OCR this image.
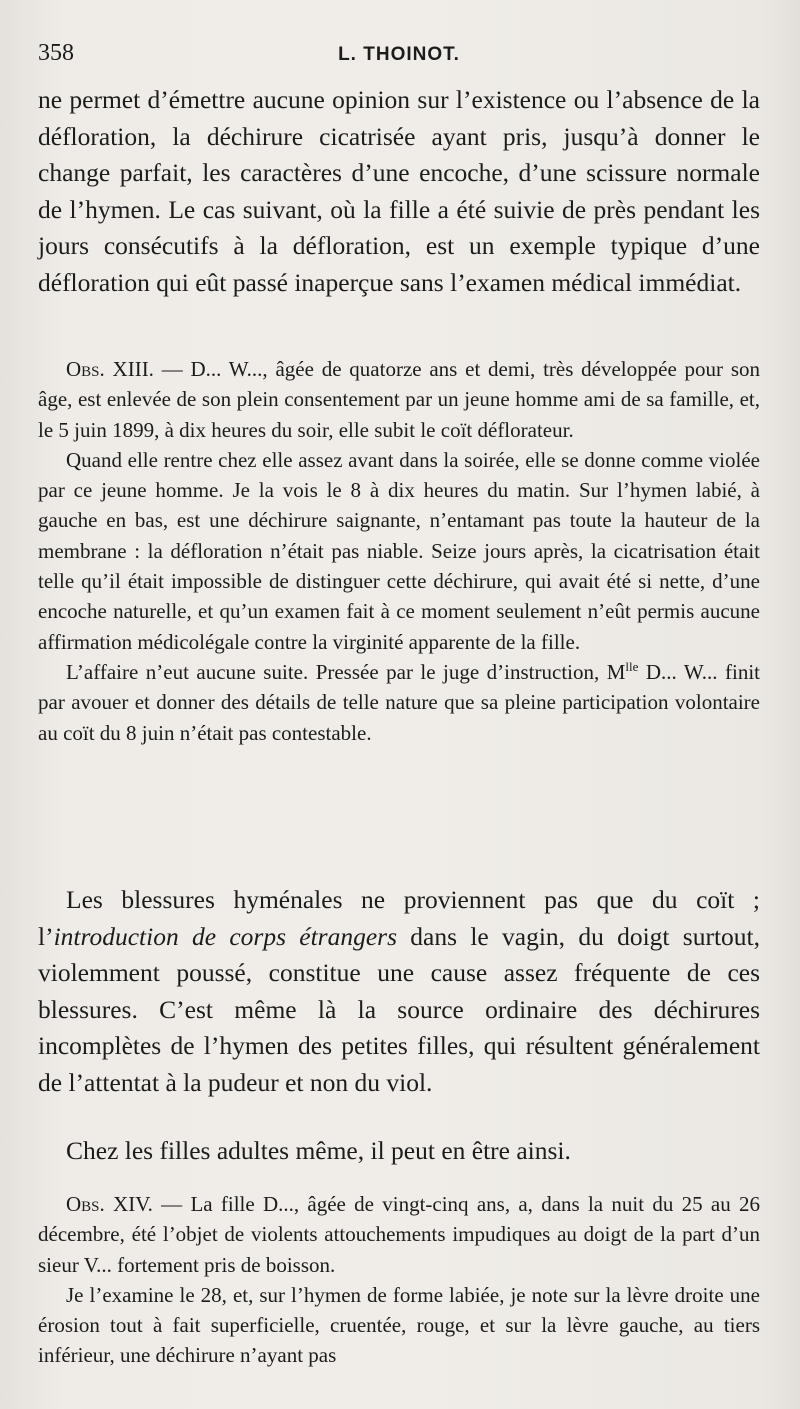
358	L. THOINOT.

ne permet d’émettre aucune opinion sur l’existence ou l’absence de la défloration, la déchirure cicatrisée ayant pris, jusqu’à donner le change parfait, les caractères d’une encoche, d’une scissure normale de l’hymen. Le cas suivant, où la fille a été suivie de près pendant les jours consécutifs à la défloration, est un exemple typique d’une défloration qui eût passé inaperçue sans l’examen médical immédiat.

Obs. XIII. — D... W..., âgée de quatorze ans et demi, très développée pour son âge, est enlevée de son plein consentement par un jeune homme ami de sa famille, et, le 5 juin 1899, à dix heures du soir, elle subit le coït déflorateur.

Quand elle rentre chez elle assez avant dans la soirée, elle se donne comme violée par ce jeune homme. Je la vois le 8 à dix heures du matin. Sur l’hymen labié, à gauche en bas, est une déchirure saignante, n’entamant pas toute la hauteur de la membrane : la défloration n’était pas niable. Seize jours après, la cicatrisation était telle qu’il était impossible de distinguer cette déchirure, qui avait été si nette, d’une encoche naturelle, et qu’un examen fait à ce moment seulement n’eût permis aucune affirmation médicolégale contre la virginité apparente de la fille.

L’affaire n’eut aucune suite. Pressée par le juge d’instruction, $M^{lle}$ D... W... finit par avouer et donner des détails de telle nature que sa pleine participation volontaire au coït du 8 juin n’était pas contestable.

Les blessures hyménales ne proviennent pas que du coït ; l’introduction de corps étrangers dans le vagin, du doigt surtout, violemment poussé, constitue une cause assez fréquente de ces blessures. C’est même là la source ordinaire des déchirures incomplètes de l’hymen des petites filles, qui résultent généralement de l’attentat à la pudeur et non du viol.

Chez les filles adultes même, il peut en être ainsi.

Obs. XIV. — La fille D..., âgée de vingt-cinq ans, a, dans la nuit du 25 au 26 décembre, été l’objet de violents attouchements impudiques au doigt de la part d’un sieur V... fortement pris de boisson.

Je l’examine le 28, et, sur l’hymen de forme labiée, je note sur la lèvre droite une érosion tout à fait superficielle, cruentée, rouge, et sur la lèvre gauche, au tiers inférieur, une déchirure n’ayant pas
